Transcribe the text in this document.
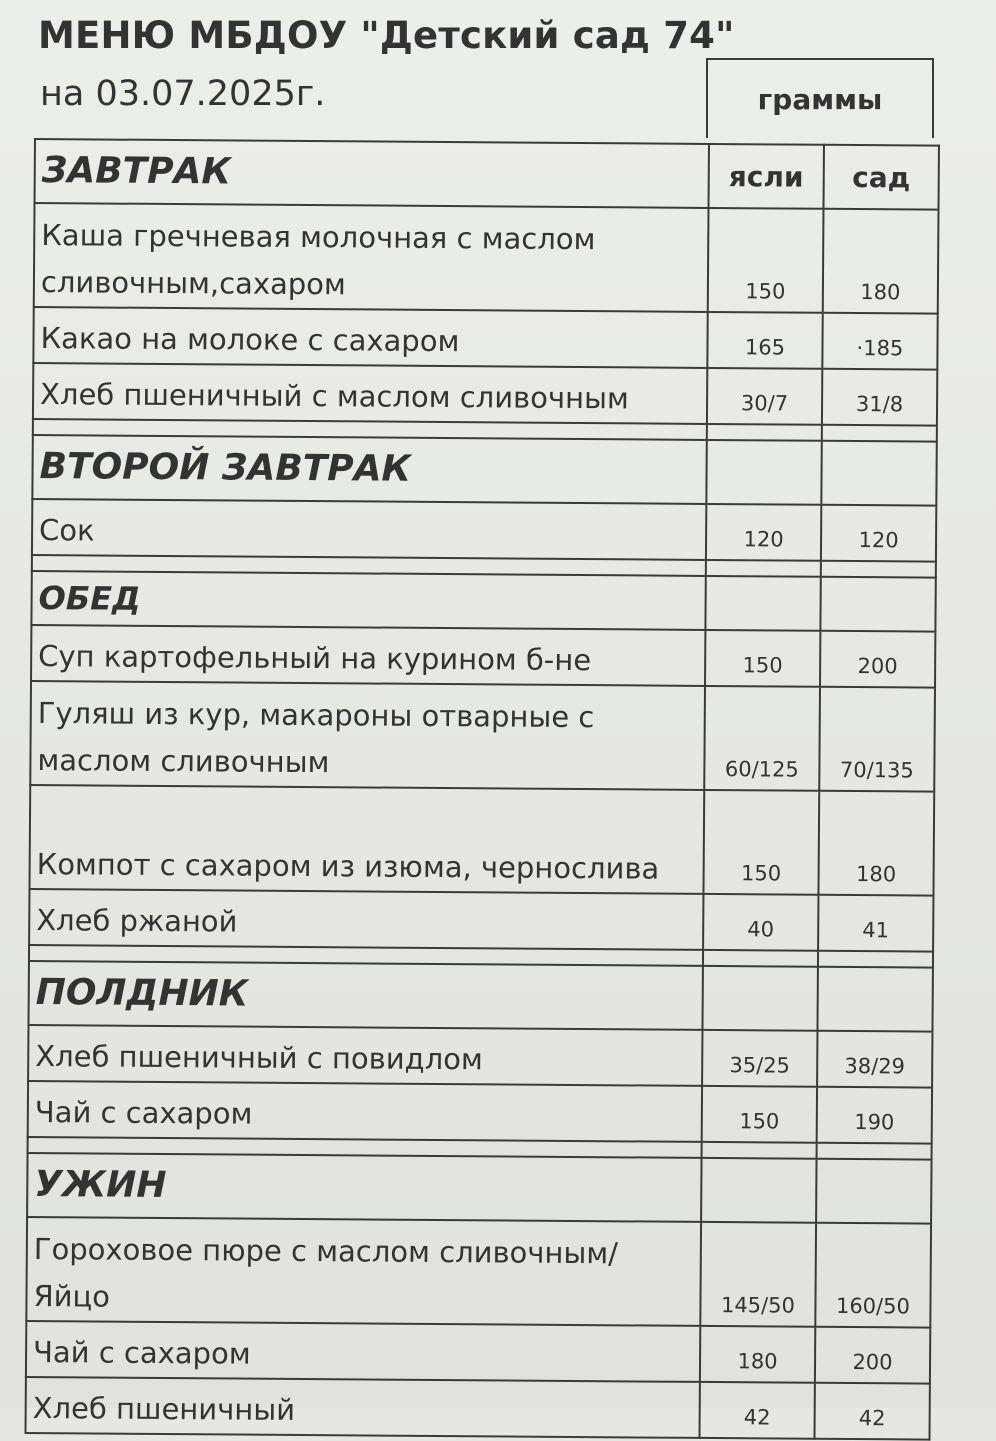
МЕНЮ МБДОУ "Детский сад 74"
на 03.07.2025г.	граммы
ЗАВТРАК	ясли	сад
Каша гречневая молочная с маслом сливочным,сахаром	150	180
Какао на молоке с сахаром	165	·185
Хлеб пшеничный с маслом сливочным	30/7	31/8

ВТОРОЙ ЗАВТРАК		
Сок	120	120

ОБЕД		
Суп картофельный на курином б-не	150	200
Гуляш из кур, макароны отварные с маслом сливочным	60/125	70/135
Компот с сахаром из изюма, чернослива	150	180
Хлеб ржаной	40	41

ПОЛДНИК		
Хлеб пшеничный с повидлом	35/25	38/29
Чай с сахаром	150	190

УЖИН		
Гороховое пюре с маслом сливочным/ Яйцо	145/50	160/50
Чай с сахаром	180	200
Хлеб пшеничный	42	42
